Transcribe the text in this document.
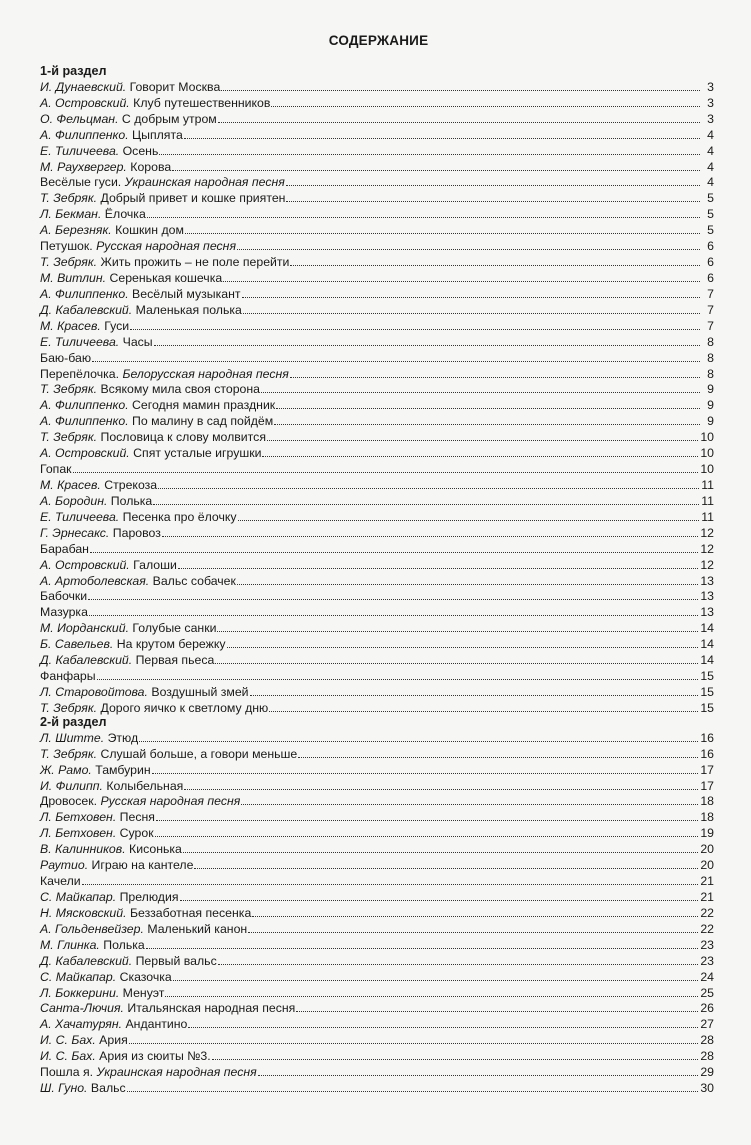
СОДЕРЖАНИЕ
1-й раздел
И. Дунаевский. Говорит Москва	3
А. Островский. Клуб путешественников	3
О. Фельцман. С добрым утром	3
А. Филиппенко. Цыплята	4
Е. Тиличеева. Осень	4
М. Раухвергер. Корова	4
Весёлые гуси. Украинская народная песня	4
Т. Зебряк. Добрый привет и кошке приятен	5
Л. Бекман. Ёлочка	5
А. Березняк. Кошкин дом	5
Петушок. Русская народная песня	6
Т. Зебряк. Жить прожить – не поле перейти	6
М. Витлин. Серенькая кошечка	6
А. Филиппенко. Весёлый музыкант	7
Д. Кабалевский. Маленькая полька	7
М. Красев. Гуси	7
Е. Тиличеева. Часы	8
Баю-баю	8
Перепёлочка. Белорусская народная песня	8
Т. Зебряк. Всякому мила своя сторона	9
А. Филиппенко. Сегодня мамин праздник	9
А. Филиппенко. По малину в сад пойдём	9
Т. Зебряк. Пословица к слову молвится	10
А. Островский. Спят усталые игрушки	10
Гопак	10
М. Красев. Стрекоза	11
А. Бородин. Полька	11
Е. Тиличеева. Песенка про ёлочку	11
Г. Эрнесакс. Паровоз	12
Барабан	12
А. Островский. Галоши	12
А. Артоболевская. Вальс собачек	13
Бабочки	13
Мазурка	13
М. Иорданский. Голубые санки	14
Б. Савельев. На крутом бережку	14
Д. Кабалевский. Первая пьеса	14
Фанфары	15
Л. Старовойтова. Воздушный змей	15
Т. Зебряк. Дорого яичко к светлому дню	15
2-й раздел
Л. Шитте. Этюд	16
Т. Зебряк. Слушай больше, а говори меньше	16
Ж. Рамо. Тамбурин	17
И. Филипп. Колыбельная	17
Дровосек. Русская народная песня	18
Л. Бетховен. Песня	18
Л. Бетховен. Сурок	19
В. Калинников. Кисонька	20
Раутио. Играю на кантеле	20
Качели	21
С. Майкапар. Прелюдия	21
Н. Мясковский. Беззаботная песенка	22
А. Гольденвейзер. Маленький канон	22
М. Глинка. Полька	23
Д. Кабалевский. Первый вальс	23
С. Майкапар. Сказочка	24
Л. Боккерини. Менуэт	25
Санта-Лючия. Итальянская народная песня	26
А. Хачатурян. Андантино	27
И. С. Бах. Ария	28
И. С. Бах. Ария из сюиты №3.	28
Пошла я. Украинская народная песня	29
Ш. Гуно. Вальс	30
